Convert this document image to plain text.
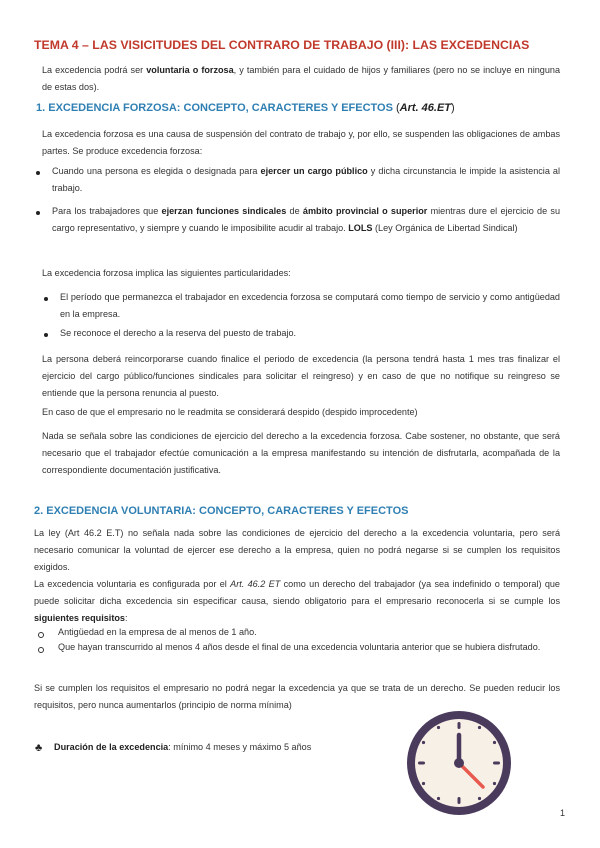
TEMA 4 – LAS VISICITUDES DEL CONTRARO DE TRABAJO (III): LAS EXCEDENCIAS

La excedencia podrá ser voluntaria o forzosa, y también para el cuidado de hijos y familiares (pero no se incluye en ninguna de estas dos).

1. EXCEDENCIA FORZOSA: CONCEPTO, CARACTERES Y EFECTOS (Art. 46.ET)

La excedencia forzosa es una causa de suspensión del contrato de trabajo y, por ello, se suspenden las obligaciones de ambas partes. Se produce excedencia forzosa:

Cuando una persona es elegida o designada para ejercer un cargo público y dicha circunstancia le impide la asistencia al trabajo.

Para los trabajadores que ejerzan funciones sindicales de ámbito provincial o superior mientras dure el ejercicio de su cargo representativo, y siempre y cuando le imposibilite acudir al trabajo. LOLS (Ley Orgánica de Libertad Sindical)

La excedencia forzosa implica las siguientes particularidades:

El período que permanezca el trabajador en excedencia forzosa se computará como tiempo de servicio y como antigüedad en la empresa.

Se reconoce el derecho a la reserva del puesto de trabajo.

La persona deberá reincorporarse cuando finalice el periodo de excedencia (la persona tendrá hasta 1 mes tras finalizar el ejercicio del cargo público/funciones sindicales para solicitar el reingreso) y en caso de que no notifique su reingreso se entiende que la persona renuncia al puesto.

En caso de que el empresario no le readmita se considerará despido (despido improcedente)

Nada se señala sobre las condiciones de ejercicio del derecho a la excedencia forzosa. Cabe sostener, no obstante, que será necesario que el trabajador efectúe comunicación a la empresa manifestando su intención de disfrutarla, acompañada de la correspondiente documentación justificativa.

2. EXCEDENCIA VOLUNTARIA: CONCEPTO, CARACTERES Y EFECTOS

La ley (Art 46.2 E.T) no señala nada sobre las condiciones de ejercicio del derecho a la excedencia voluntaria, pero será necesario comunicar la voluntad de ejercer ese derecho a la empresa, quien no podrá negarse si se cumplen los requisitos exigidos.

La excedencia voluntaria es configurada por el Art. 46.2 ET como un derecho del trabajador (ya sea indefinido o temporal) que puede solicitar dicha excedencia sin especificar causa, siendo obligatorio para el empresario reconocerla si se cumple los siguientes requisitos:

Antigüedad en la empresa de al menos de 1 año.

Que hayan transcurrido al menos 4 años desde el final de una excedencia voluntaria anterior que se hubiera disfrutado.

Si se cumplen los requisitos el empresario no podrá negar la excedencia ya que se trata de un derecho. Se pueden reducir los requisitos, pero nunca aumentarlos (principio de norma mínima)

♣ Duración de la excedencia: mínimo 4 meses y máximo 5 años

1
